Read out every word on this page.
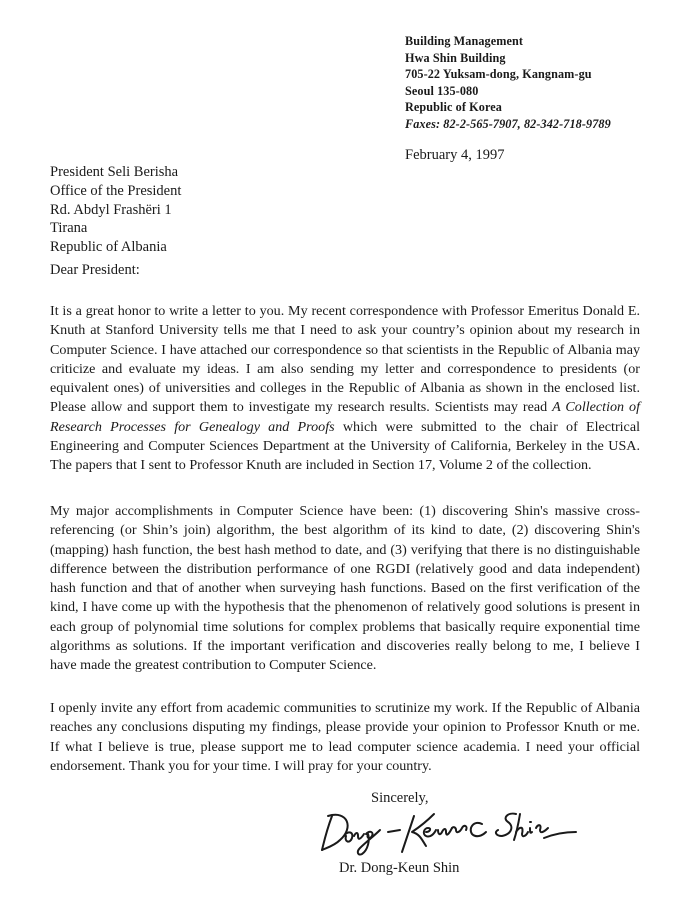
Building Management
Hwa Shin Building
705-22 Yuksam-dong, Kangnam-gu
Seoul 135-080
Republic of Korea
Faxes: 82-2-565-7907, 82-342-718-9789
February 4, 1997
President Seli Berisha
Office of the President
Rd. Abdyl Frashëri 1
Tirana
Republic of Albania
Dear President:
It is a great honor to write a letter to you. My recent correspondence with Professor Emeritus Donald E. Knuth at Stanford University tells me that I need to ask your country’s opinion about my research in Computer Science. I have attached our correspondence so that scientists in the Republic of Albania may criticize and evaluate my ideas. I am also sending my letter and correspondence to presidents (or equivalent ones) of universities and colleges in the Republic of Albania as shown in the enclosed list. Please allow and support them to investigate my research results. Scientists may read A Collection of Research Processes for Genealogy and Proofs which were submitted to the chair of Electrical Engineering and Computer Sciences Department at the University of California, Berkeley in the USA. The papers that I sent to Professor Knuth are included in Section 17, Volume 2 of the collection.
My major accomplishments in Computer Science have been: (1) discovering Shin's massive cross-referencing (or Shin’s join) algorithm, the best algorithm of its kind to date, (2) discovering Shin's (mapping) hash function, the best hash method to date, and (3) verifying that there is no distinguishable difference between the distribution performance of one RGDI (relatively good and data independent) hash function and that of another when surveying hash functions. Based on the first verification of the kind, I have come up with the hypothesis that the phenomenon of relatively good solutions is present in each group of polynomial time solutions for complex problems that basically require exponential time algorithms as solutions. If the important verification and discoveries really belong to me, I believe I have made the greatest contribution to Computer Science.
I openly invite any effort from academic communities to scrutinize my work. If the Republic of Albania reaches any conclusions disputing my findings, please provide your opinion to Professor Knuth or me. If what I believe is true, please support me to lead computer science academia. I need your official endorsement. Thank you for your time. I will pray for your country.
Sincerely,
Dr. Dong-Keun Shin
